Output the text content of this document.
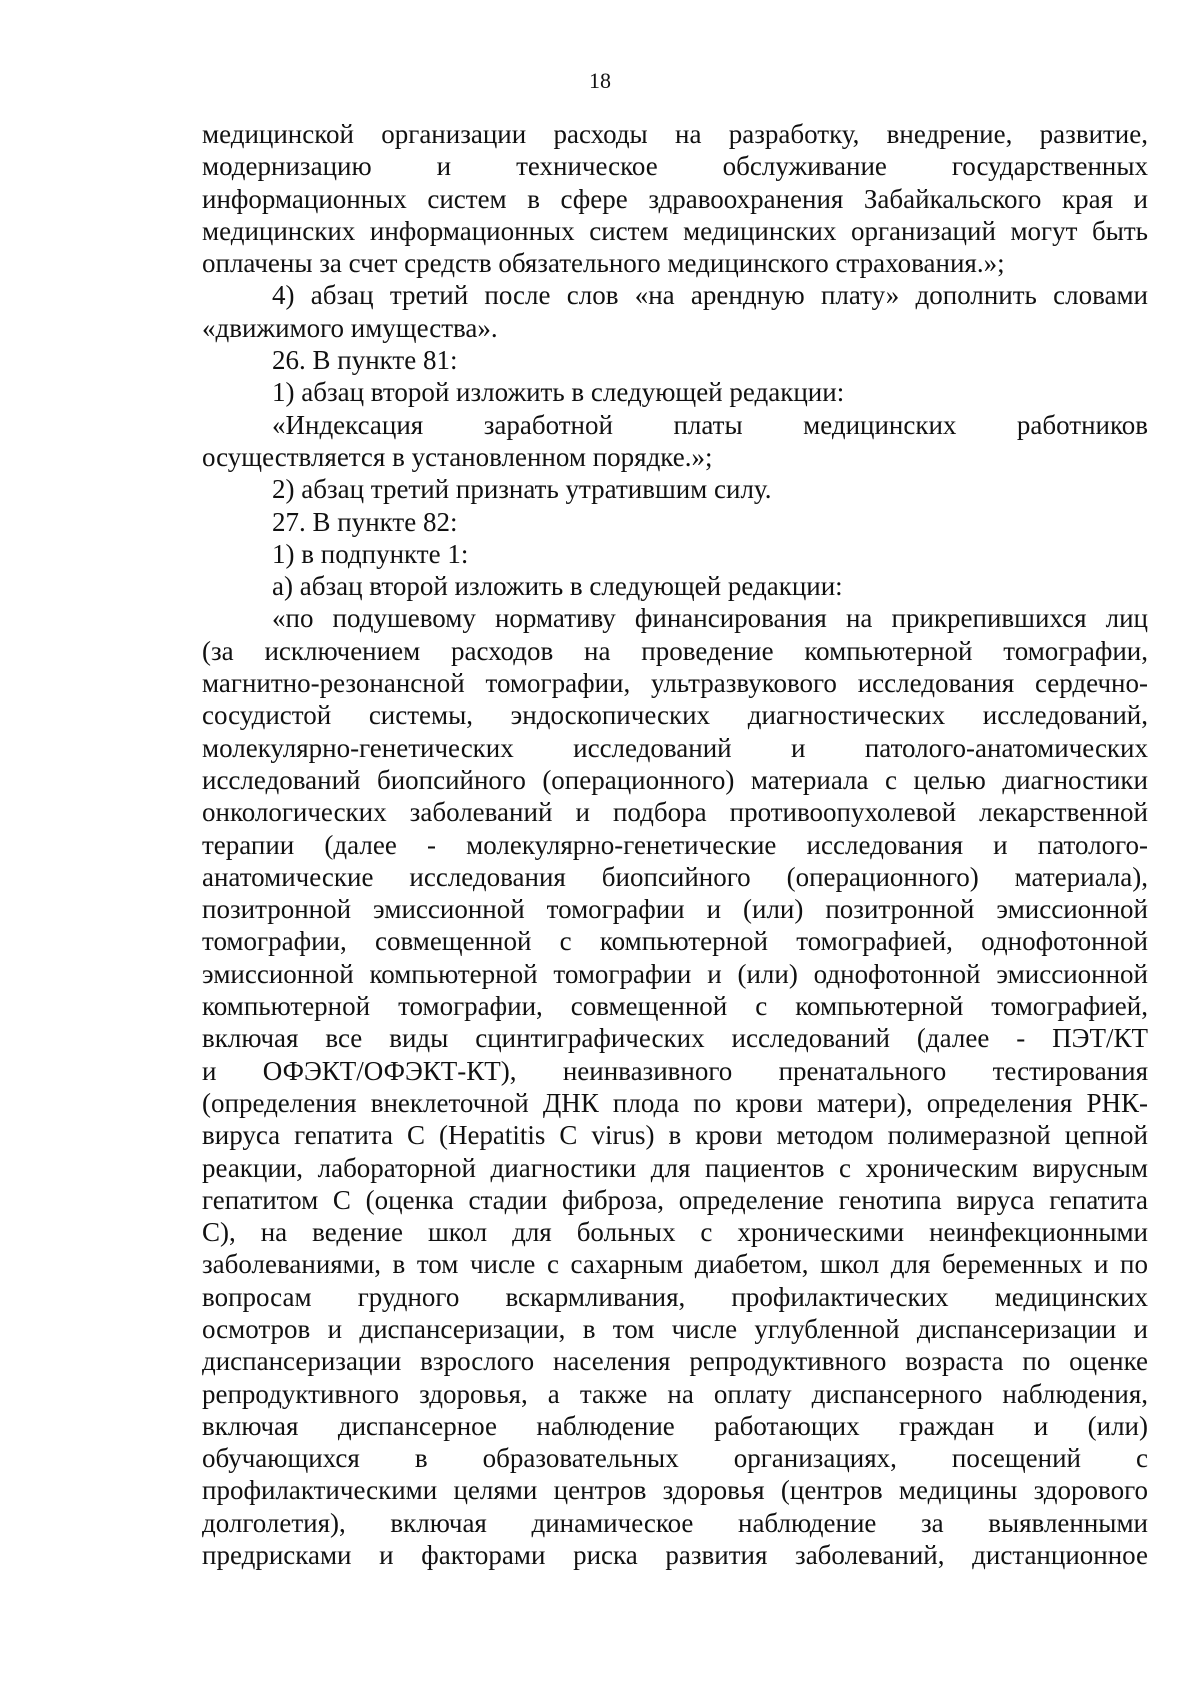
18
медицинской организации расходы на разработку, внедрение, развитие,
модернизацию и техническое обслуживание государственных
информационных систем в сфере здравоохранения Забайкальского края и
медицинских информационных систем медицинских организаций могут быть
оплачены за счет средств обязательного медицинского страхования.»;
4) абзац третий после слов «на арендную плату» дополнить словами
«движимого имущества».
26. В пункте 81:
1) абзац второй изложить в следующей редакции:
«Индексация заработной платы медицинских работников
осуществляется в установленном порядке.»;
2) абзац третий признать утратившим силу.
27. В пункте 82:
1) в подпункте 1:
а) абзац второй изложить в следующей редакции:
«по подушевому нормативу финансирования на прикрепившихся лиц
(за исключением расходов на проведение компьютерной томографии,
магнитно-резонансной томографии, ультразвукового исследования сердечно-
сосудистой системы, эндоскопических диагностических исследований,
молекулярно-генетических исследований и патолого-анатомических
исследований биопсийного (операционного) материала с целью диагностики
онкологических заболеваний и подбора противоопухолевой лекарственной
терапии (далее - молекулярно-генетические исследования и патолого-
анатомические исследования биопсийного (операционного) материала),
позитронной эмиссионной томографии и (или) позитронной эмиссионной
томографии, совмещенной с компьютерной томографией, однофотонной
эмиссионной компьютерной томографии и (или) однофотонной эмиссионной
компьютерной томографии, совмещенной с компьютерной томографией,
включая все виды сцинтиграфических исследований (далее - ПЭТ/КТ
и ОФЭКТ/ОФЭКТ-КТ), неинвазивного пренатального тестирования
(определения внеклеточной ДНК плода по крови матери), определения РНК-
вируса гепатита С (Hepatitis C virus) в крови методом полимеразной цепной
реакции, лабораторной диагностики для пациентов с хроническим вирусным
гепатитом С (оценка стадии фиброза, определение генотипа вируса гепатита
С), на ведение школ для больных с хроническими неинфекционными
заболеваниями, в том числе с сахарным диабетом, школ для беременных и по
вопросам грудного вскармливания, профилактических медицинских
осмотров и диспансеризации, в том числе углубленной диспансеризации и
диспансеризации взрослого населения репродуктивного возраста по оценке
репродуктивного здоровья, а также на оплату диспансерного наблюдения,
включая диспансерное наблюдение работающих граждан и (или)
обучающихся в образовательных организациях, посещений с
профилактическими целями центров здоровья (центров медицины здорового
долголетия), включая динамическое наблюдение за выявленными
предрисками и факторами риска развития заболеваний, дистанционное
